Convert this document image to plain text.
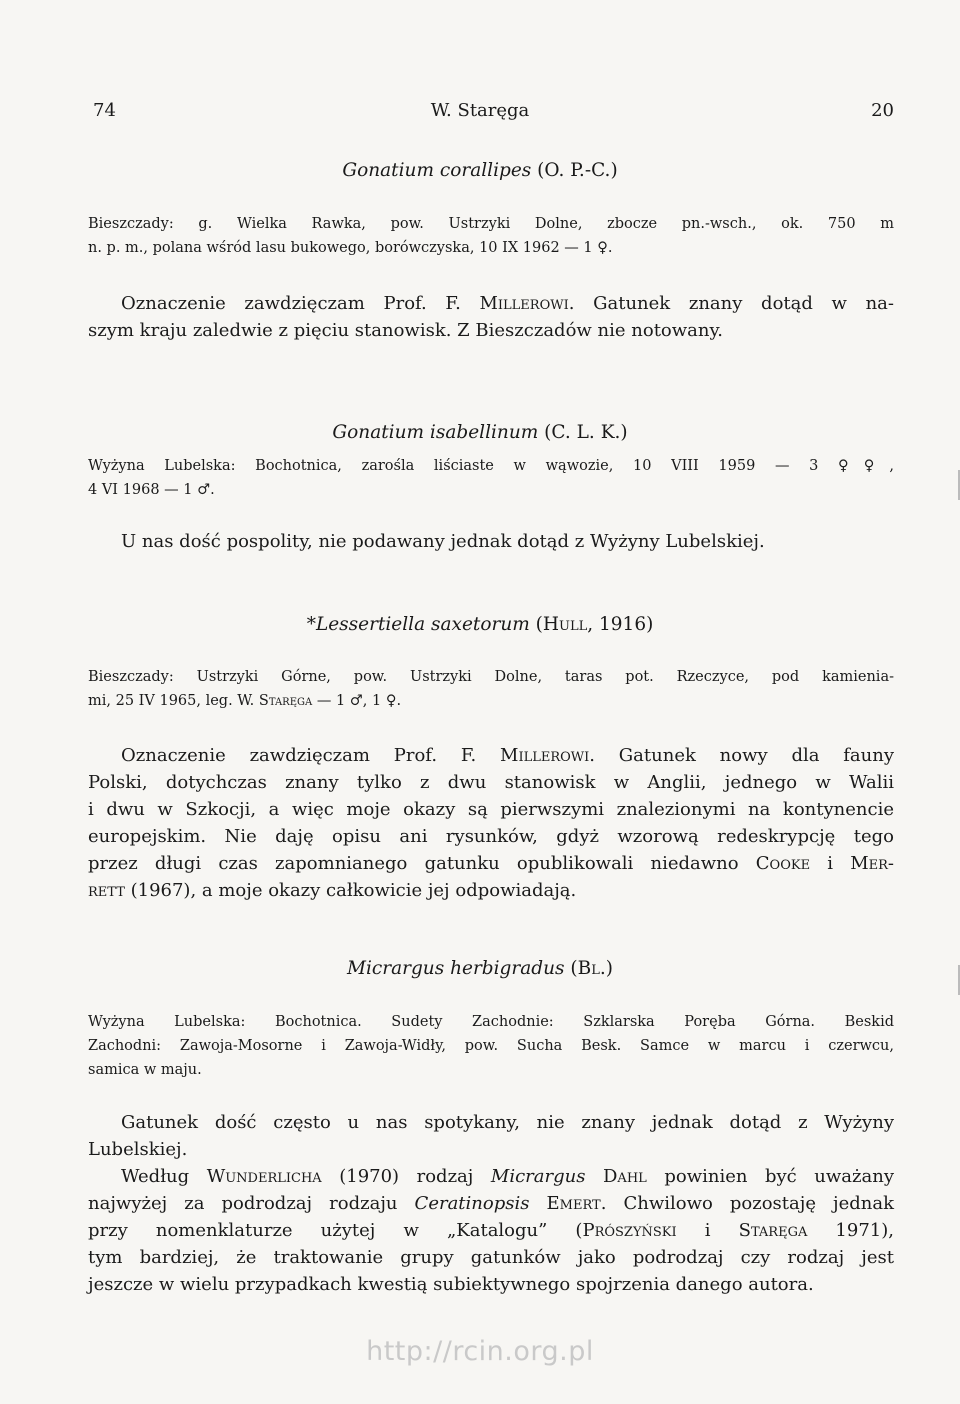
74	W. Staręga	20
Gonatium corallipes (O. P.-C.)
Bieszczady: g. Wielka Rawka, pow. Ustrzyki Dolne, zbocze pn.-wsch., ok. 750 m
n. p. m., polana wśród lasu bukowego, borówczyska, 10 IX 1962 — 1 ♀.
Oznaczenie zawdzięczam Prof. F. Millerowi. Gatunek znany dotąd w na-
szym kraju zaledwie z pięciu stanowisk. Z Bieszczadów nie notowany.
Gonatium isabellinum (C. L. K.)
Wyżyna Lubelska: Bochotnica, zarośla liściaste w wąwozie, 10 VIII 1959 — 3 ♀♀,
4 VI 1968 — 1 ♂.
U nas dość pospolity, nie podawany jednak dotąd z Wyżyny Lubelskiej.
*Lessertiella saxetorum (Hull, 1916)
Bieszczady: Ustrzyki Górne, pow. Ustrzyki Dolne, taras pot. Rzeczyce, pod kamienia-
mi, 25 IV 1965, leg. W. Staręga — 1 ♂, 1 ♀.
Oznaczenie zawdzięczam Prof. F. Millerowi. Gatunek nowy dla fauny
Polski, dotychczas znany tylko z dwu stanowisk w Anglii, jednego w Walii
i dwu w Szkocji, a więc moje okazy są pierwszymi znalezionymi na kontynencie
europejskim. Nie daję opisu ani rysunków, gdyż wzorową redeskrypcję tego
przez długi czas zapomnianego gatunku opublikowali niedawno Cooke i Mer-
rett (1967), a moje okazy całkowicie jej odpowiadają.
Micrargus herbigradus (Bl.)
Wyżyna Lubelska: Bochotnica. Sudety Zachodnie: Szklarska Poręba Górna. Beskid
Zachodni: Zawoja-Mosorne i Zawoja-Widły, pow. Sucha Besk. Samce w marcu i czerwcu,
samica w maju.
Gatunek dość często u nas spotykany, nie znany jednak dotąd z Wyżyny
Lubelskiej.
Według Wunderlicha (1970) rodzaj Micrargus Dahl powinien być uważany
najwyżej za podrodzaj rodzaju Ceratinopsis Emert. Chwilowo pozostaję jednak
przy nomenklaturze użytej w „Katalogu” (Prószyński i Staręga 1971),
tym bardziej, że traktowanie grupy gatunków jako podrodzaj czy rodzaj jest
jeszcze w wielu przypadkach kwestią subiektywnego spojrzenia danego autora.
http://rcin.org.pl
